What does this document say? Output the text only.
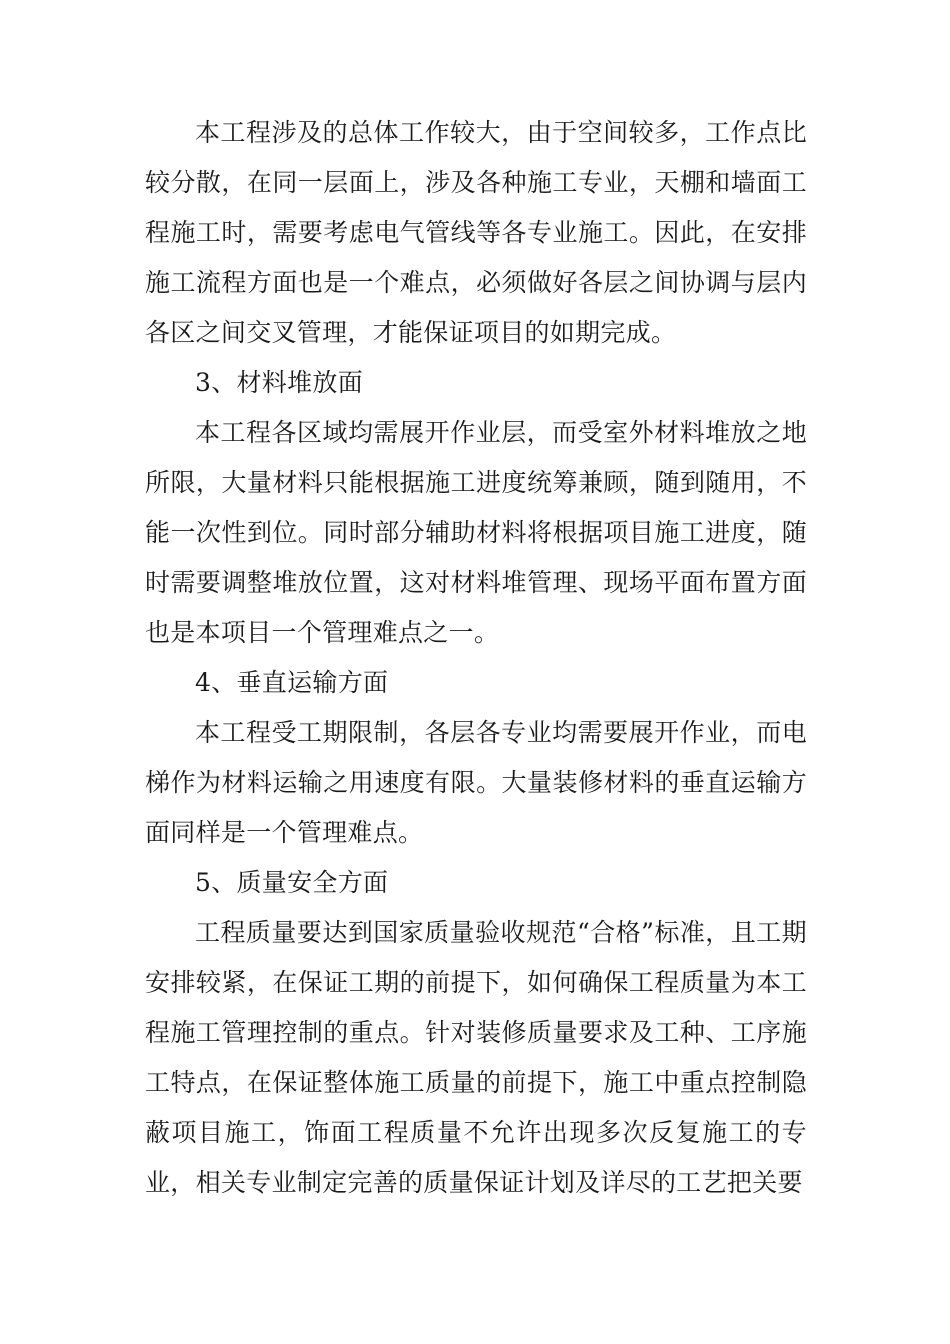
本工程涉及的总体工作较大，由于空间较多，工作点比较分散，在同一层面上，涉及各种施工专业，天棚和墙面工程施工时，需要考虑电气管线等各专业施工。因此，在安排施工流程方面也是一个难点，必须做好各层之间协调与层内各区之间交叉管理，才能保证项目的如期完成。

3、材料堆放面

本工程各区域均需展开作业层，而受室外材料堆放之地所限，大量材料只能根据施工进度统筹兼顾，随到随用，不能一次性到位。同时部分辅助材料将根据项目施工进度，随时需要调整堆放位置，这对材料堆管理、现场平面布置方面也是本项目一个管理难点之一。

4、垂直运输方面

本工程受工期限制，各层各专业均需要展开作业，而电梯作为材料运输之用速度有限。大量装修材料的垂直运输方面同样是一个管理难点。

5、质量安全方面

工程质量要达到国家质量验收规范“合格”标准，且工期安排较紧，在保证工期的前提下，如何确保工程质量为本工程施工管理控制的重点。针对装修质量要求及工种、工序施工特点，在保证整体施工质量的前提下，施工中重点控制隐蔽项目施工，饰面工程质量不允许出现多次反复施工的专业，相关专业制定完善的质量保证计划及详尽的工艺把关要
